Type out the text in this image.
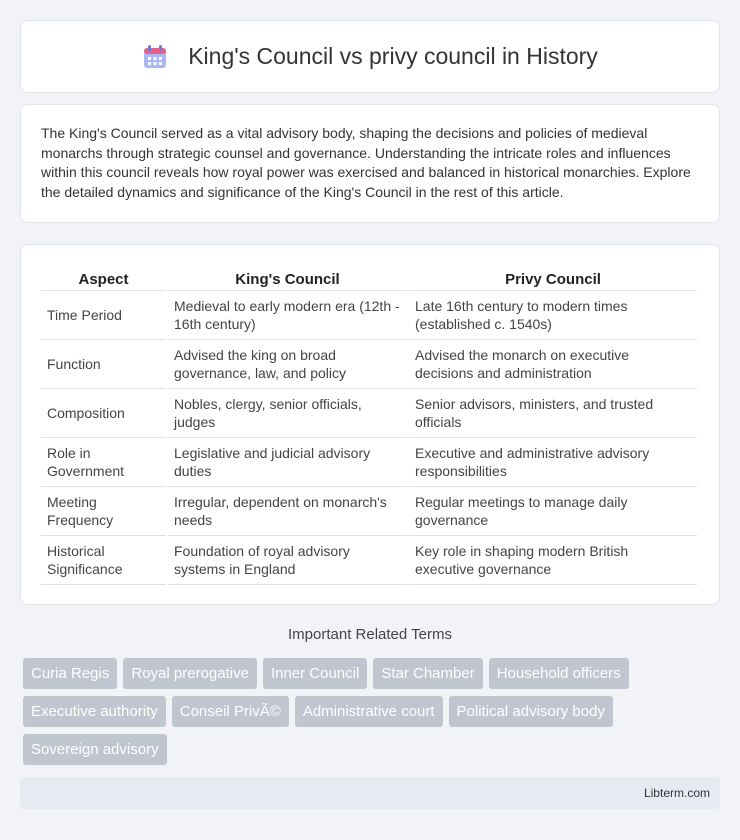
King's Council vs privy council in History

The King's Council served as a vital advisory body, shaping the decisions and policies of medieval monarchs through strategic counsel and governance. Understanding the intricate roles and influences within this council reveals how royal power was exercised and balanced in historical monarchies. Explore the detailed dynamics and significance of the King's Council in the rest of this article.

Aspect	King's Council	Privy Council
Time Period	Medieval to early modern era (12th - 16th century)	Late 16th century to modern times (established c. 1540s)
Function	Advised the king on broad governance, law, and policy	Advised the monarch on executive decisions and administration
Composition	Nobles, clergy, senior officials, judges	Senior advisors, ministers, and trusted officials
Role in Government	Legislative and judicial advisory duties	Executive and administrative advisory responsibilities
Meeting Frequency	Irregular, dependent on monarch's needs	Regular meetings to manage daily governance
Historical Significance	Foundation of royal advisory systems in England	Key role in shaping modern British executive governance
Important Related Terms
Curia Regis	Royal prerogative	Inner Council	Star Chamber	Household officers
Executive authority	Conseil PrivÃ©	Administrative court	Political advisory body
Sovereign advisory
Libterm.com
